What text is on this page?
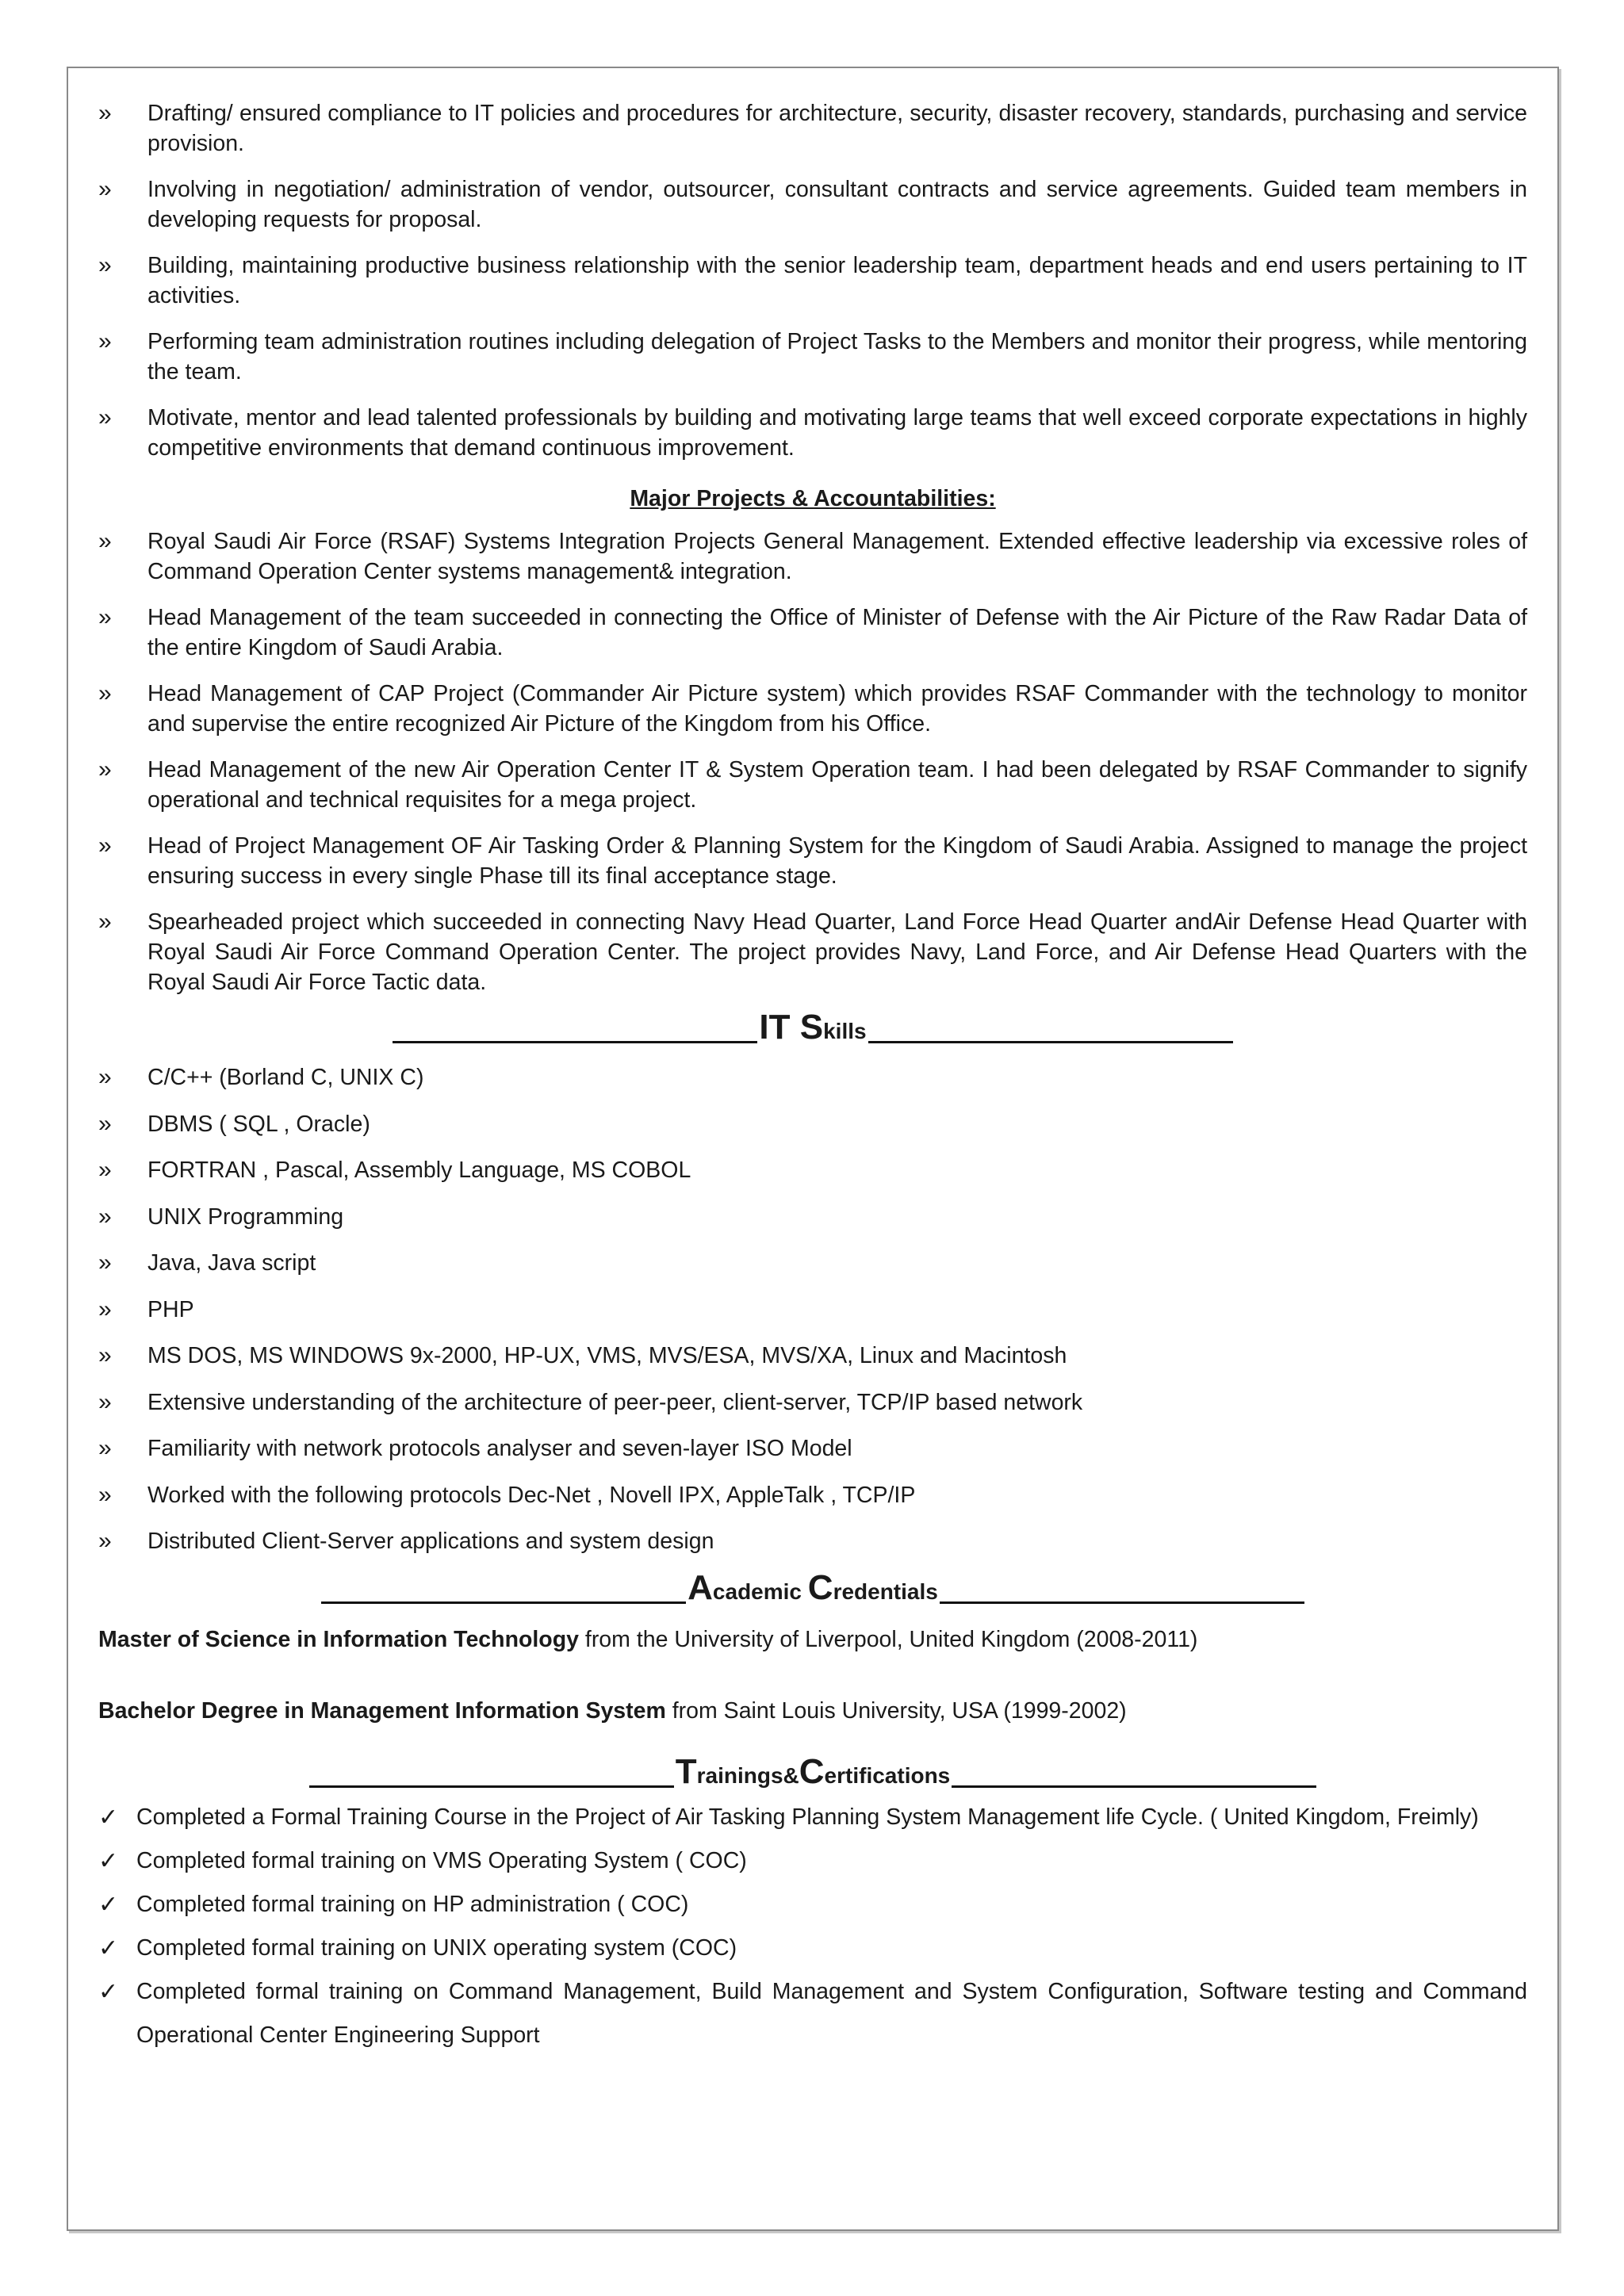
»	Drafting/ ensured compliance to IT policies and procedures for architecture, security, disaster recovery, standards, purchasing and service provision.
»	Involving in negotiation/ administration of vendor, outsourcer, consultant contracts and service agreements. Guided team members in developing requests for proposal.
»	Building, maintaining productive business relationship with the senior leadership team, department heads and end users pertaining to IT activities.
»	Performing team administration routines including delegation of Project Tasks to the Members and monitor their progress, while mentoring the team.
»	Motivate, mentor and lead talented professionals by building and motivating large teams that well exceed corporate expectations in highly competitive environments that demand continuous improvement.
Major Projects & Accountabilities:
»	Royal Saudi Air Force (RSAF) Systems Integration Projects General Management. Extended effective leadership via excessive roles of Command Operation Center systems management& integration.
»	Head Management of the team succeeded in connecting the Office of Minister of Defense with the Air Picture of the Raw Radar Data of the entire Kingdom of Saudi Arabia.
»	Head Management of CAP Project (Commander Air Picture system) which provides RSAF Commander with the technology to monitor and supervise the entire recognized Air Picture of the Kingdom from his Office.
»	Head Management of the new Air Operation Center IT & System Operation team. I had been delegated by RSAF Commander to signify operational and technical requisites for a mega project.
»	Head of Project Management OF Air Tasking Order & Planning System for the Kingdom of Saudi Arabia. Assigned to manage the project ensuring success in every single Phase till its final acceptance stage.
»	Spearheaded project which succeeded in connecting Navy Head Quarter, Land Force Head Quarter andAir Defense Head Quarter with Royal Saudi Air Force Command Operation Center. The project provides Navy, Land Force, and Air Defense Head Quarters with the Royal Saudi Air Force Tactic data.
IT Skills
»	C/C++ (Borland C, UNIX C)
»	DBMS ( SQL , Oracle)
»	FORTRAN , Pascal, Assembly Language, MS COBOL
»	UNIX Programming
»	Java, Java script
»	PHP
»	MS DOS, MS WINDOWS 9x-2000, HP-UX, VMS, MVS/ESA, MVS/XA, Linux and Macintosh
»	Extensive understanding of the architecture of peer-peer, client-server, TCP/IP based network
»	Familiarity with network protocols analyser and seven-layer ISO Model
»	Worked with the following protocols Dec-Net , Novell IPX, AppleTalk , TCP/IP
»	Distributed Client-Server applications and system design
Academic Credentials

Master of Science in Information Technology from the University of Liverpool, United Kingdom (2008-2011)

Bachelor Degree in Management Information System from Saint Louis University, USA (1999-2002)

Trainings&Certifications
✓ Completed a Formal Training Course in the Project of Air Tasking Planning System Management life Cycle. ( United Kingdom, Freimly)
✓ Completed formal training on VMS Operating System ( COC)
✓ Completed formal training on HP administration ( COC)
✓ Completed formal training on UNIX operating system (COC)
✓ Completed formal training on Command Management, Build Management and System Configuration, Software testing and Command Operational Center Engineering Support
